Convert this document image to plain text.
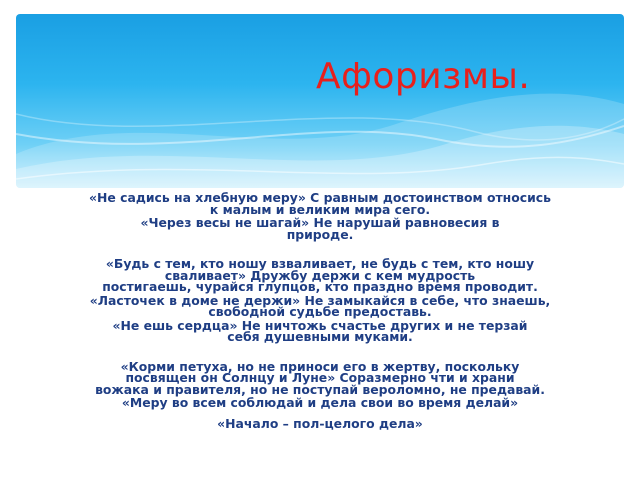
Афоризмы.
«Не садись на хлебную меру» С равным достоинством относись
к малым и великим мира сего.
«Через весы не шагай» Не нарушай равновесия в
природе.
«Будь с тем, кто ношу взваливает, не будь с тем, кто ношу
сваливает» Дружбу держи с кем мудрость
постигаешь, чурайся глупцов, кто праздно время проводит.
«Ласточек в доме не держи» Не замыкайся в себе, что знаешь,
свободной судьбе предоставь.
«Не ешь сердца» Не ничтожь счастье других и не терзай
себя душевными муками.
«Корми петуха, но не приноси его в жертву, поскольку
посвящен он Солнцу и Луне» Соразмерно чти и храни
вожака и правителя, но не поступай вероломно, не предавай.
«Меру во всем соблюдай и дела свои во время делай»
«Начало – пол-целого дела»
